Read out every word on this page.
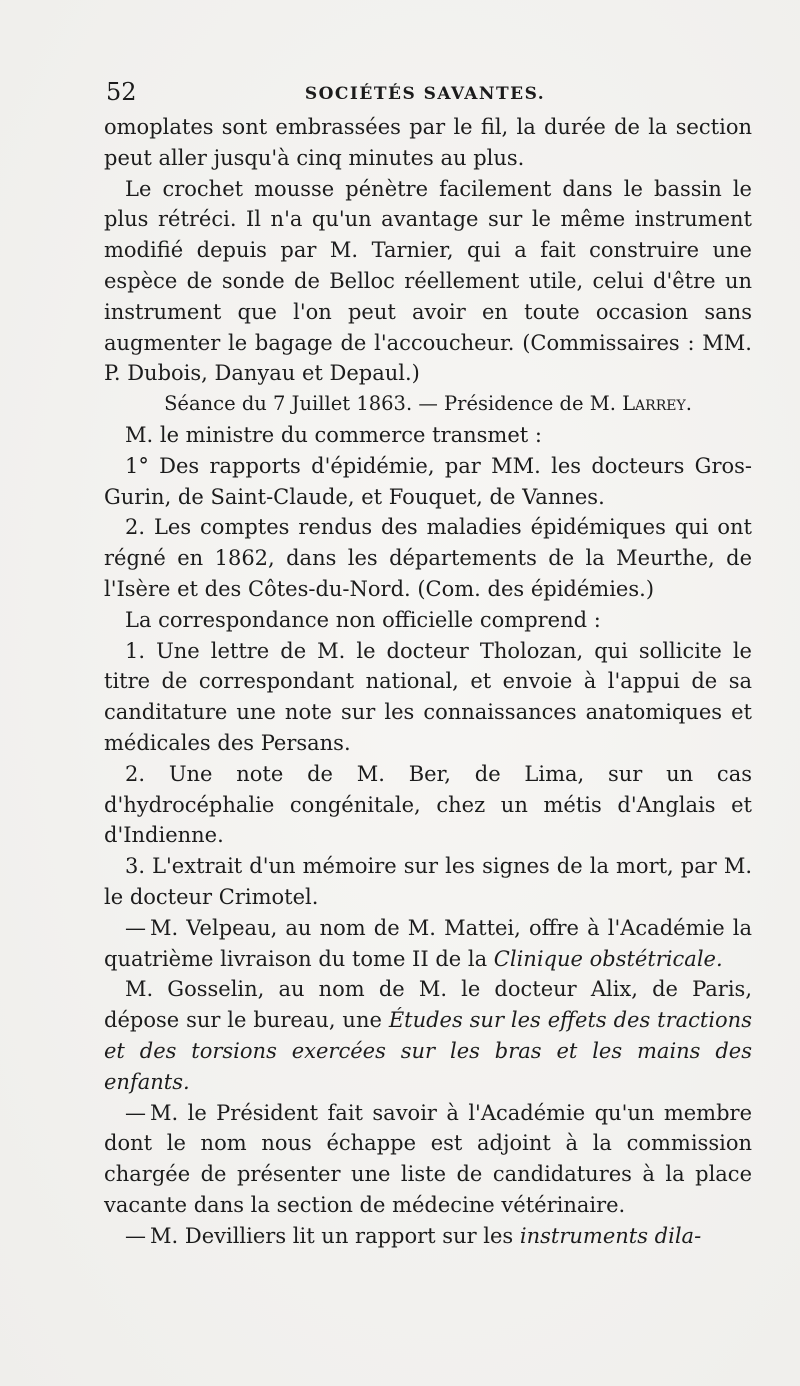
52	SOCIÉTÉS SAVANTES.

omoplates sont embrassées par le fil, la durée de la section peut aller jusqu'à cinq minutes au plus.

Le crochet mousse pénètre facilement dans le bassin le plus rétréci. Il n'a qu'un avantage sur le même instrument modifié depuis par M. Tarnier, qui a fait construire une espèce de sonde de Belloc réellement utile, celui d'être un instrument que l'on peut avoir en toute occasion sans augmenter le bagage de l'accoucheur. (Commissaires : MM. P. Dubois, Danyau et Depaul.)

Séance du 7 Juillet 1863. — Présidence de M. Larrey.

M. le ministre du commerce transmet :

1° Des rapports d'épidémie, par MM. les docteurs Gros-Gurin, de Saint-Claude, et Fouquet, de Vannes.

2. Les comptes rendus des maladies épidémiques qui ont régné en 1862, dans les départements de la Meurthe, de l'Isère et des Côtes-du-Nord. (Com. des épidémies.)

La correspondance non officielle comprend :

1. Une lettre de M. le docteur Tholozan, qui sollicite le titre de correspondant national, et envoie à l'appui de sa canditature une note sur les connaissances anatomiques et médicales des Persans.

2. Une note de M. Ber, de Lima, sur un cas d'hydrocéphalie congénitale, chez un métis d'Anglais et d'Indienne.

3. L'extrait d'un mémoire sur les signes de la mort, par M. le docteur Crimotel.

— M. Velpeau, au nom de M. Mattei, offre à l'Académie la quatrième livraison du tome II de la Clinique obstétricale.

M. Gosselin, au nom de M. le docteur Alix, de Paris, dépose sur le bureau, une Études sur les effets des tractions et des torsions exercées sur les bras et les mains des enfants.

— M. le Président fait savoir à l'Académie qu'un membre dont le nom nous échappe est adjoint à la commission chargée de présenter une liste de candidatures à la place vacante dans la section de médecine vétérinaire.

— M. Devilliers lit un rapport sur les instruments dila-
